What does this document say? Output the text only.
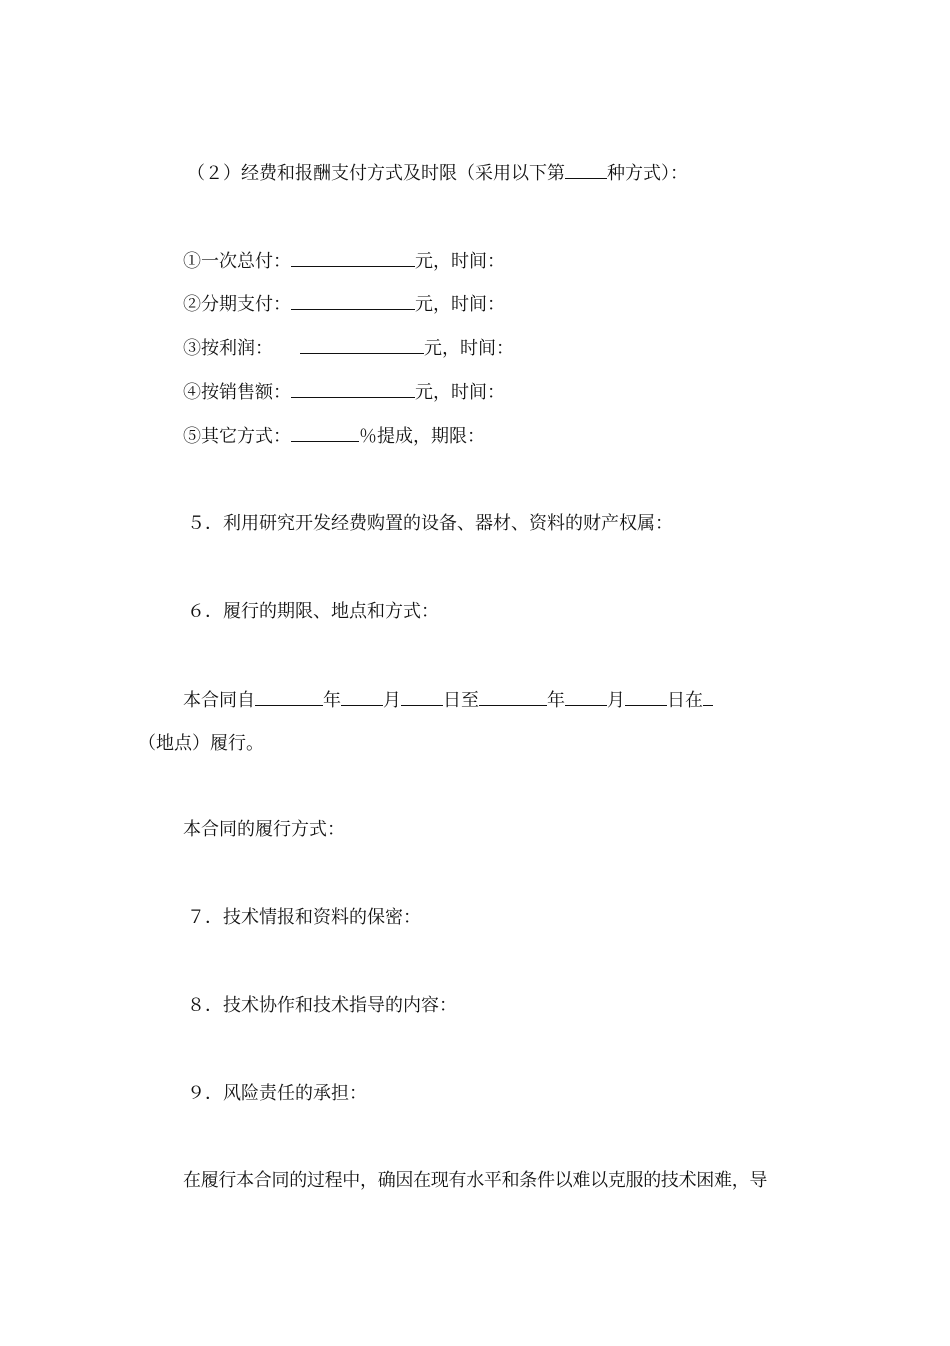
（２）经费和报酬支付方式及时限（采用以下第 种方式）：
①一次总付：	元，时间：
②分期支付：	元，时间：
③按利润：	元，时间：
④按销售额：	元，时间：
⑤其它方式：	％提成，期限：
５．利用研究开发经费购置的设备、器材、资料的财产权属：
６．履行的期限、地点和方式：
本合同自	年 月 日至	年 月 日在
（地点）履行。
本合同的履行方式：
７．技术情报和资料的保密：
８．技术协作和技术指导的内容：
９．风险责任的承担：
在履行本合同的过程中，确因在现有水平和条件以难以克服的技术困难，导
